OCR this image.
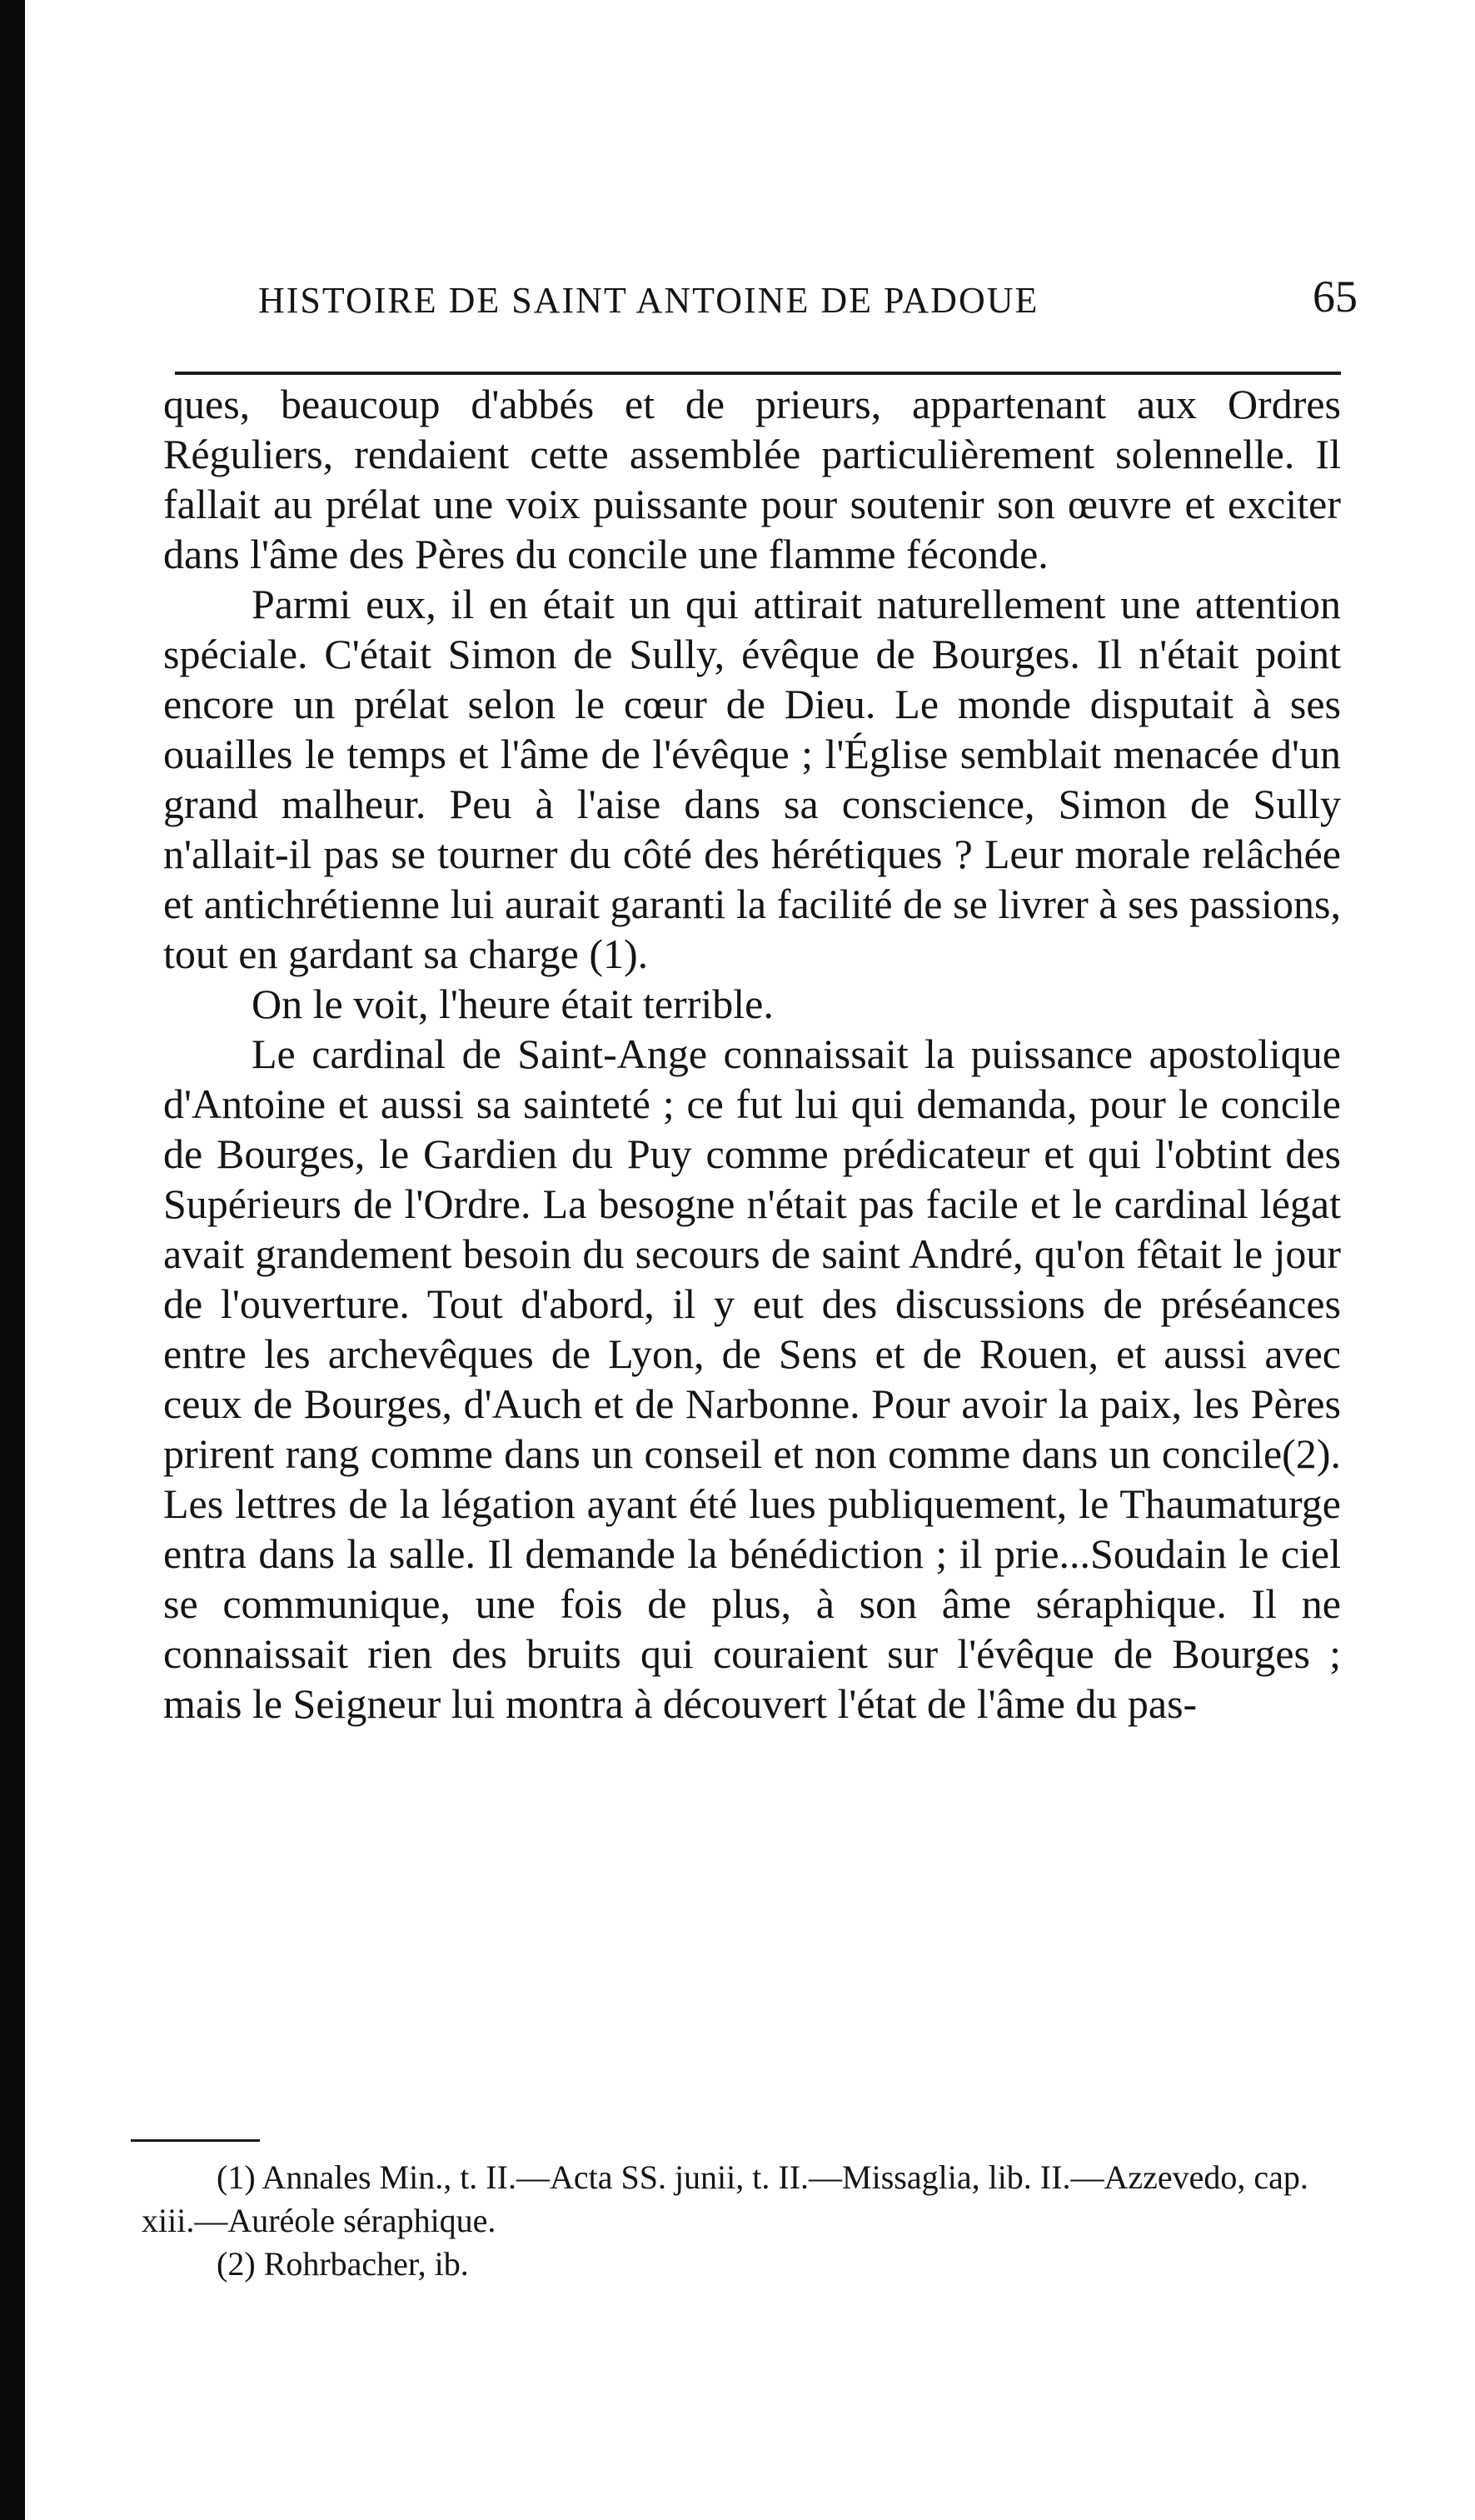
HISTOIRE DE SAINT ANTOINE DE PADOUE	65

ques, beaucoup d'abbés et de prieurs, appartenant aux Ordres Réguliers, rendaient cette assemblée particulièrement solennelle. Il fallait au prélat une voix puissante pour soutenir son œuvre et exciter dans l'âme des Pères du concile une flamme féconde.

Parmi eux, il en était un qui attirait naturellement une attention spéciale. C'était Simon de Sully, évêque de Bourges. Il n'était point encore un prélat selon le cœur de Dieu. Le monde disputait à ses ouailles le temps et l'âme de l'évêque ; l'Église semblait menacée d'un grand malheur. Peu à l'aise dans sa conscience, Simon de Sully n'allait-il pas se tourner du côté des hérétiques ? Leur morale relâchée et antichrétienne lui aurait garanti la facilité de se livrer à ses passions, tout en gardant sa charge (1).

On le voit, l'heure était terrible.

Le cardinal de Saint-Ange connaissait la puissance apostolique d'Antoine et aussi sa sainteté ; ce fut lui qui demanda, pour le concile de Bourges, le Gardien du Puy comme prédicateur et qui l'obtint des Supérieurs de l'Ordre. La besogne n'était pas facile et le cardinal légat avait grandement besoin du secours de saint André, qu'on fêtait le jour de l'ouverture. Tout d'abord, il y eut des discussions de préséances entre les archevêques de Lyon, de Sens et de Rouen, et aussi avec ceux de Bourges, d'Auch et de Narbonne. Pour avoir la paix, les Pères prirent rang comme dans un conseil et non comme dans un concile(2). Les lettres de la légation ayant été lues publiquement, le Thaumaturge entra dans la salle. Il demande la bénédiction ; il prie...Soudain le ciel se communique, une fois de plus, à son âme séraphique. Il ne connaissait rien des bruits qui couraient sur l'évêque de Bourges ; mais le Seigneur lui montra à découvert l'état de l'âme du pas-

(1) Annales Min., t. II.—Acta SS. junii, t. II.—Missaglia, lib. II.—Azzevedo, cap. xiii.—Auréole séraphique.

(2) Rohrbacher, ib.
